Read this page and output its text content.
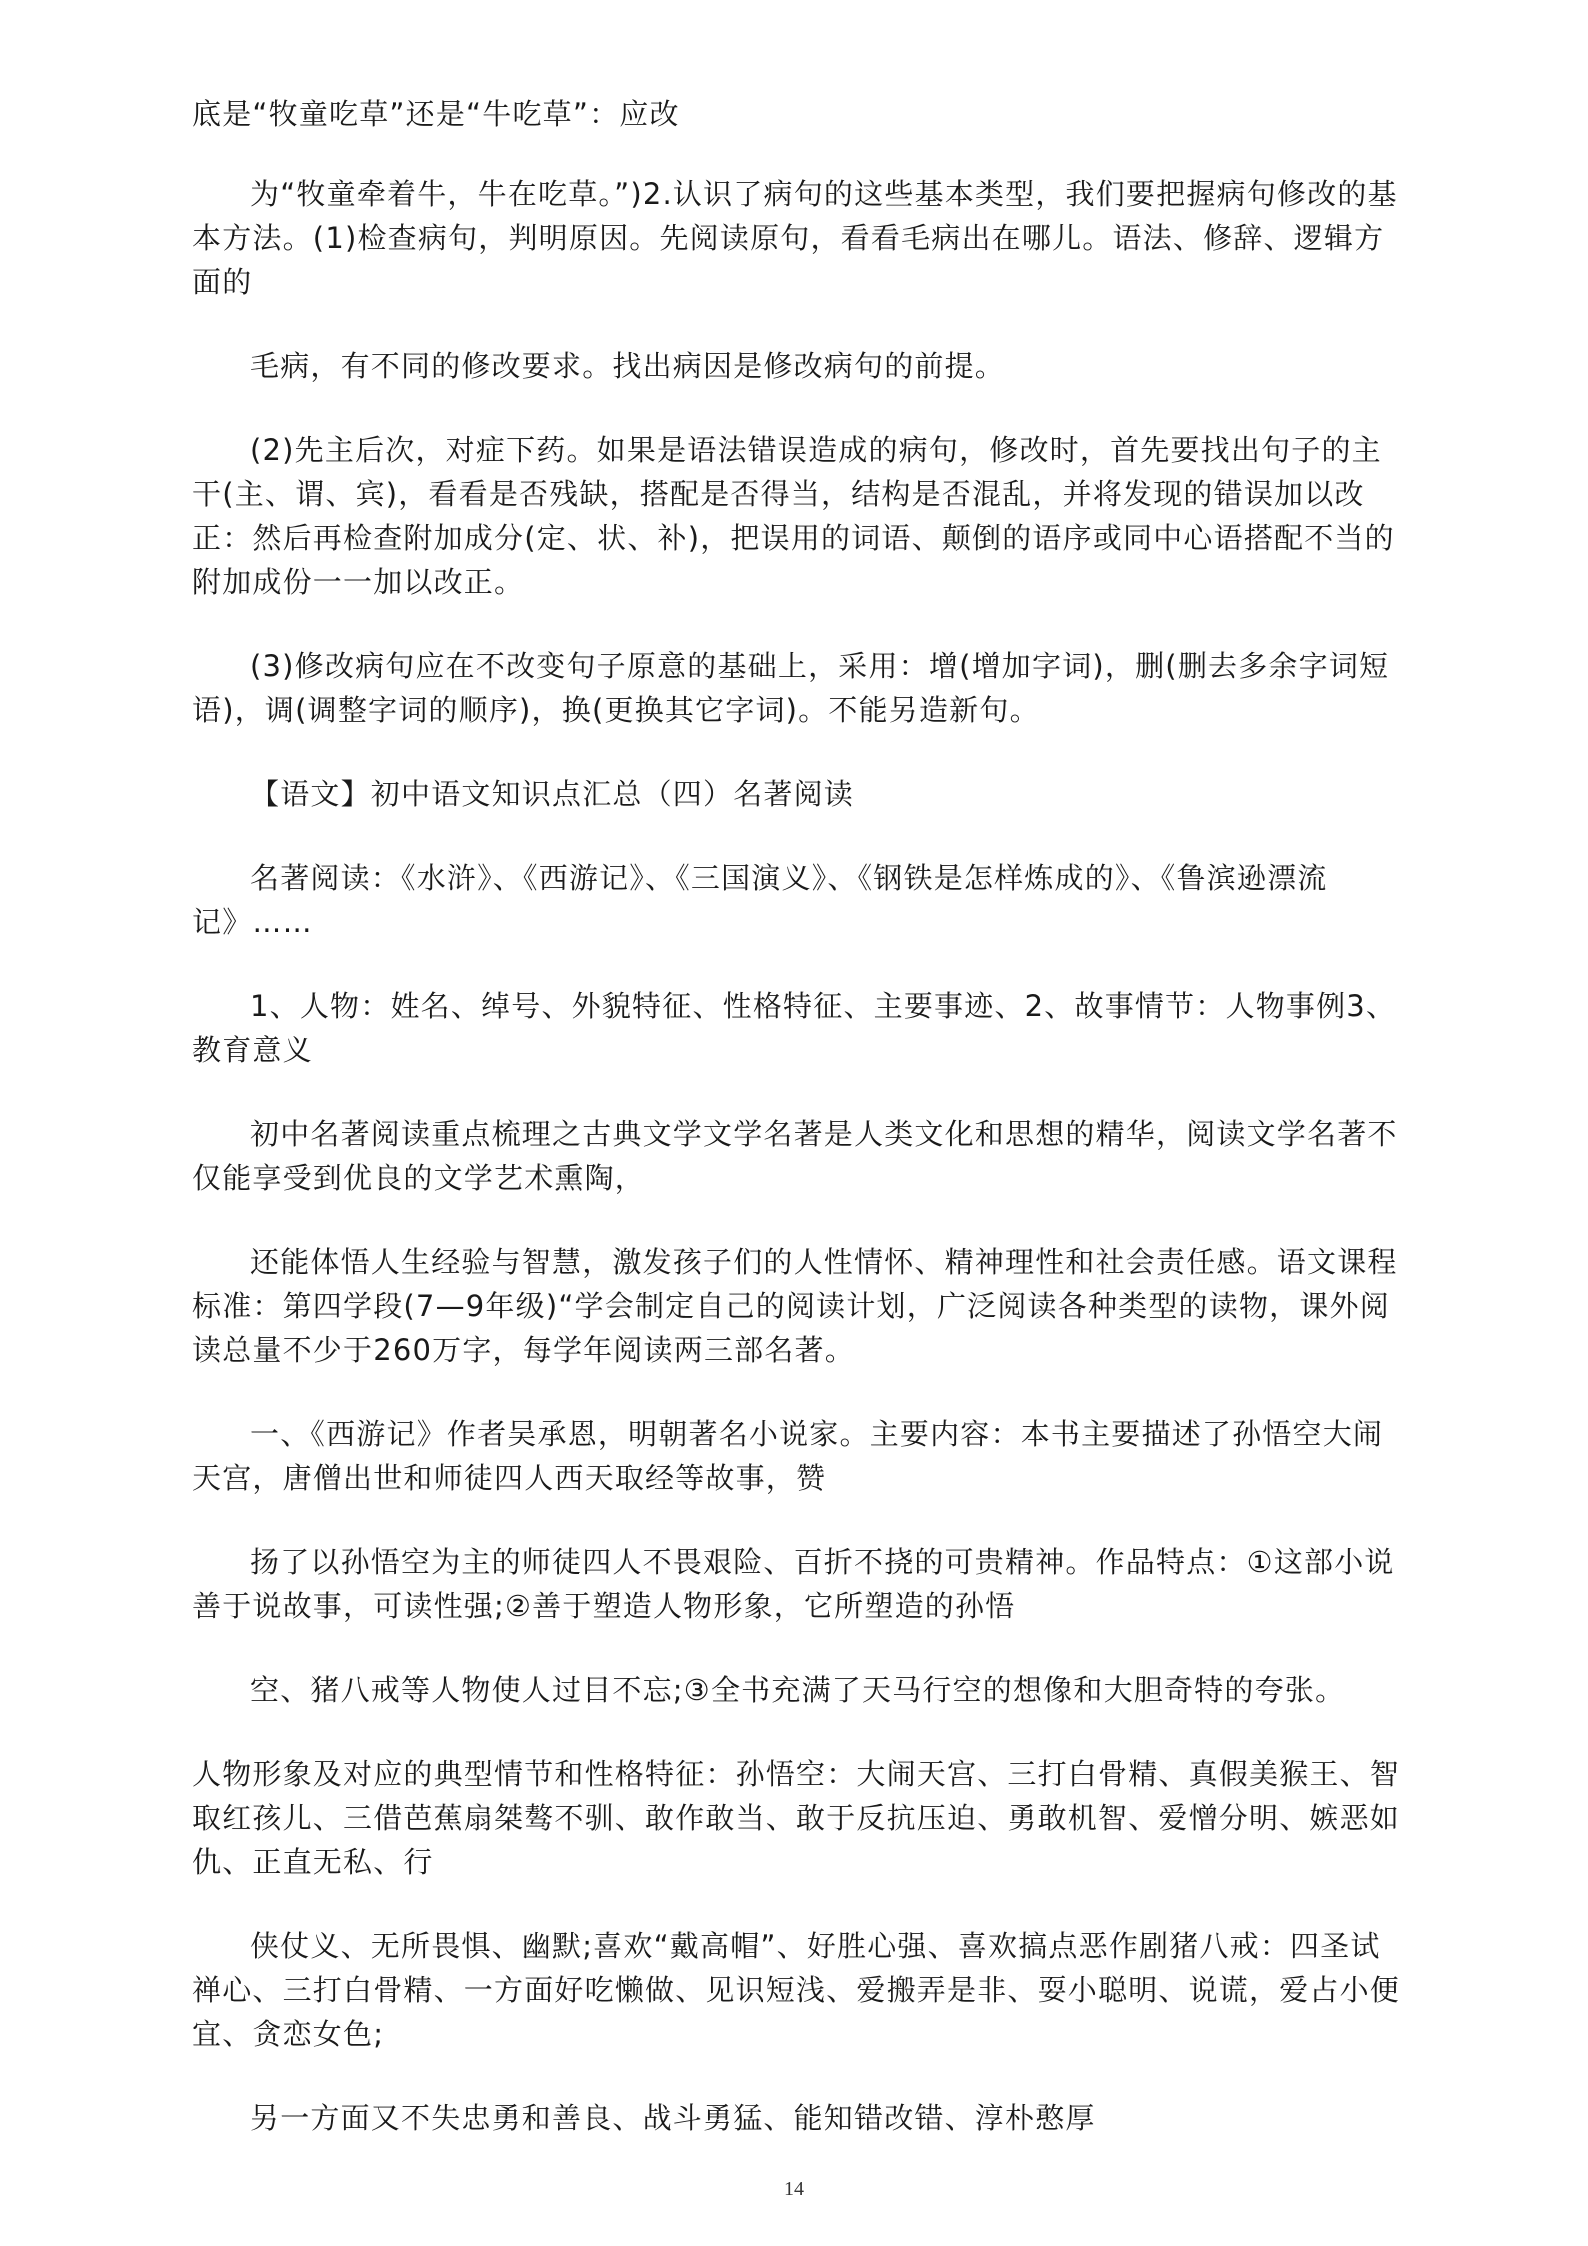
底是“牧童吃草”还是“牛吃草”：应改

为“牧童牵着牛，牛在吃草。”)2.认识了病句的这些基本类型，我们要把握病句修改的基本方法。(1)检查病句，判明原因。先阅读原句，看看毛病出在哪儿。语法、修辞、逻辑方面的

毛病，有不同的修改要求。找出病因是修改病句的前提。

(2)先主后次，对症下药。如果是语法错误造成的病句，修改时，首先要找出句子的主干(主、谓、宾)，看看是否残缺，搭配是否得当，结构是否混乱，并将发现的错误加以改正：然后再检查附加成分(定、状、补)，把误用的词语、颠倒的语序或同中心语搭配不当的附加成份一一加以改正。

(3)修改病句应在不改变句子原意的基础上，采用：增(增加字词)，删(删去多余字词短语)，调(调整字词的顺序)，换(更换其它字词)。不能另造新句。

【语文】初中语文知识点汇总（四）名著阅读

名著阅读：《水浒》、《西游记》、《三国演义》、《钢铁是怎样炼成的》、《鲁滨逊漂流记》……

1、人物：姓名、绰号、外貌特征、性格特征、主要事迹、2、故事情节：人物事例3、教育意义

初中名著阅读重点梳理之古典文学文学名著是人类文化和思想的精华，阅读文学名著不仅能享受到优良的文学艺术熏陶，

还能体悟人生经验与智慧，激发孩子们的人性情怀、精神理性和社会责任感。语文课程标准：第四学段(7—9年级)“学会制定自己的阅读计划，广泛阅读各种类型的读物，课外阅读总量不少于260万字，每学年阅读两三部名著。

一、《西游记》作者吴承恩，明朝著名小说家。主要内容：本书主要描述了孙悟空大闹天宫，唐僧出世和师徒四人西天取经等故事，赞

扬了以孙悟空为主的师徒四人不畏艰险、百折不挠的可贵精神。作品特点：①这部小说善于说故事，可读性强;②善于塑造人物形象，它所塑造的孙悟

空、猪八戒等人物使人过目不忘;③全书充满了天马行空的想像和大胆奇特的夸张。

人物形象及对应的典型情节和性格特征：孙悟空：大闹天宫、三打白骨精、真假美猴王、智取红孩儿、三借芭蕉扇桀骜不驯、敢作敢当、敢于反抗压迫、勇敢机智、爱憎分明、嫉恶如仇、正直无私、行

侠仗义、无所畏惧、幽默;喜欢“戴高帽”、好胜心强、喜欢搞点恶作剧猪八戒：四圣试禅心、三打白骨精、一方面好吃懒做、见识短浅、爱搬弄是非、耍小聪明、说谎，爱占小便宜、贪恋女色;

另一方面又不失忠勇和善良、战斗勇猛、能知错改错、淳朴憨厚

14
